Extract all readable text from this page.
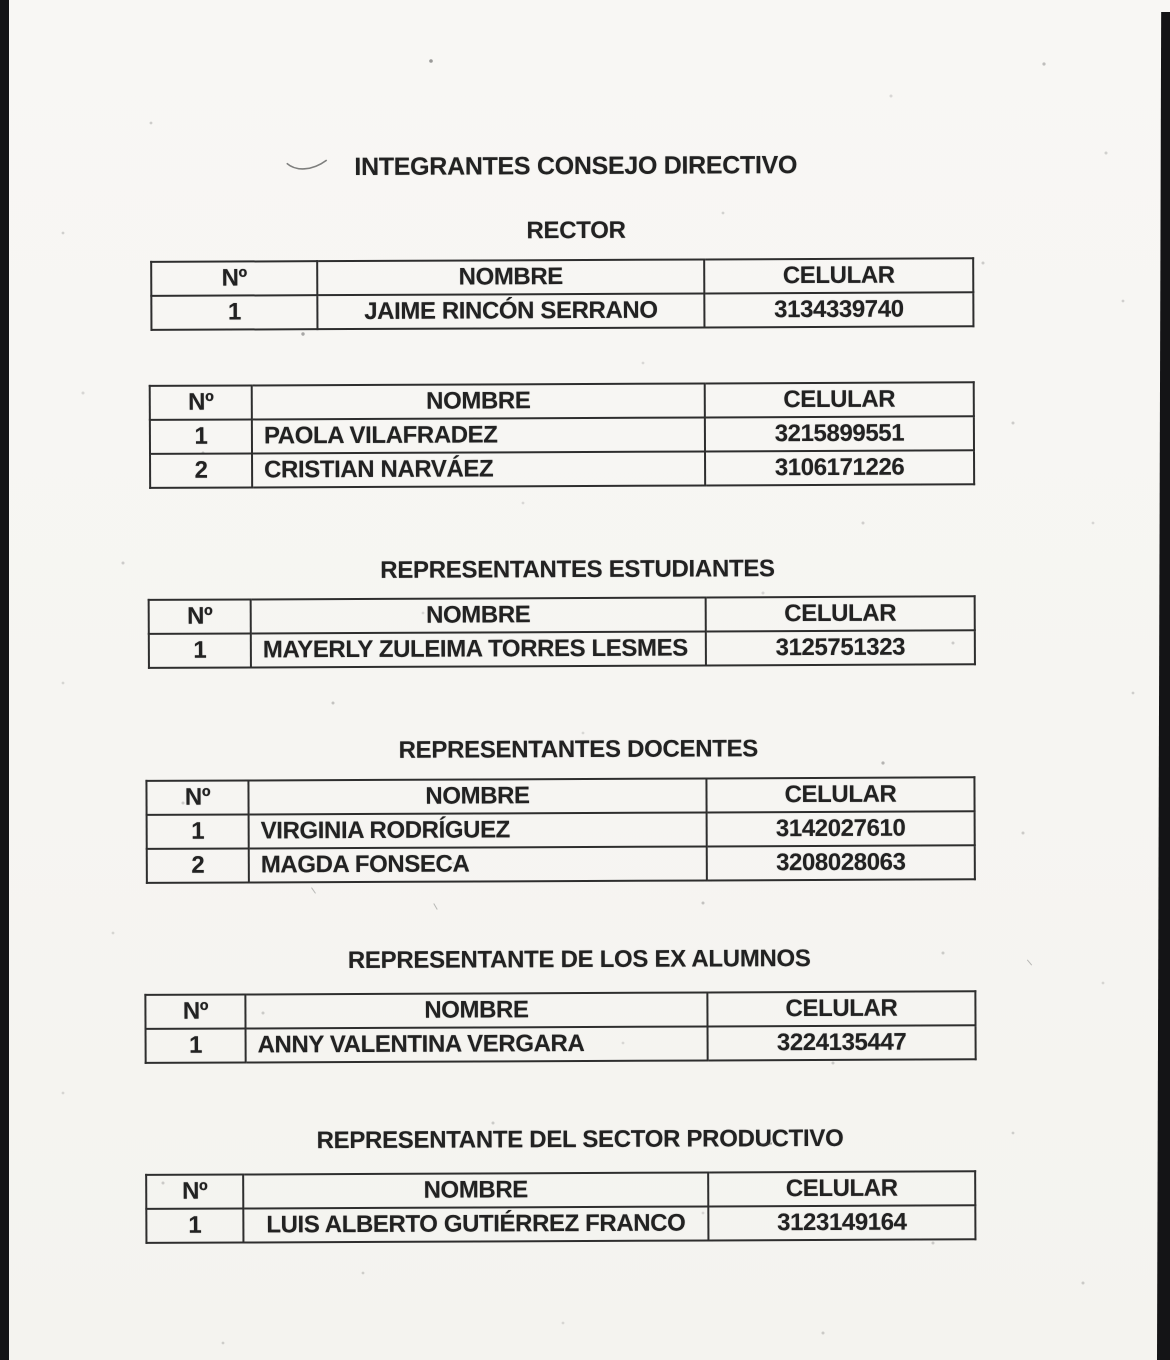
INTEGRANTES CONSEJO DIRECTIVO
RECTOR
Nº	NOMBRE	CELULAR
1	JAIME RINCÓN SERRANO	3134339740
Nº	NOMBRE	CELULAR
1	PAOLA VILAFRADEZ	3215899551
2	CRISTIAN NARVÁEZ	3106171226
REPRESENTANTES ESTUDIANTES
Nº	NOMBRE	CELULAR
1	MAYERLY ZULEIMA TORRES LESMES	3125751323
REPRESENTANTES DOCENTES
Nº	NOMBRE	CELULAR
1	VIRGINIA RODRÍGUEZ	3142027610
2	MAGDA FONSECA	3208028063
REPRESENTANTE DE LOS EX ALUMNOS
Nº	NOMBRE	CELULAR
1	ANNY VALENTINA VERGARA	3224135447
REPRESENTANTE DEL SECTOR PRODUCTIVO
Nº	NOMBRE	CELULAR
1	LUIS ALBERTO GUTIÉRREZ FRANCO	3123149164
